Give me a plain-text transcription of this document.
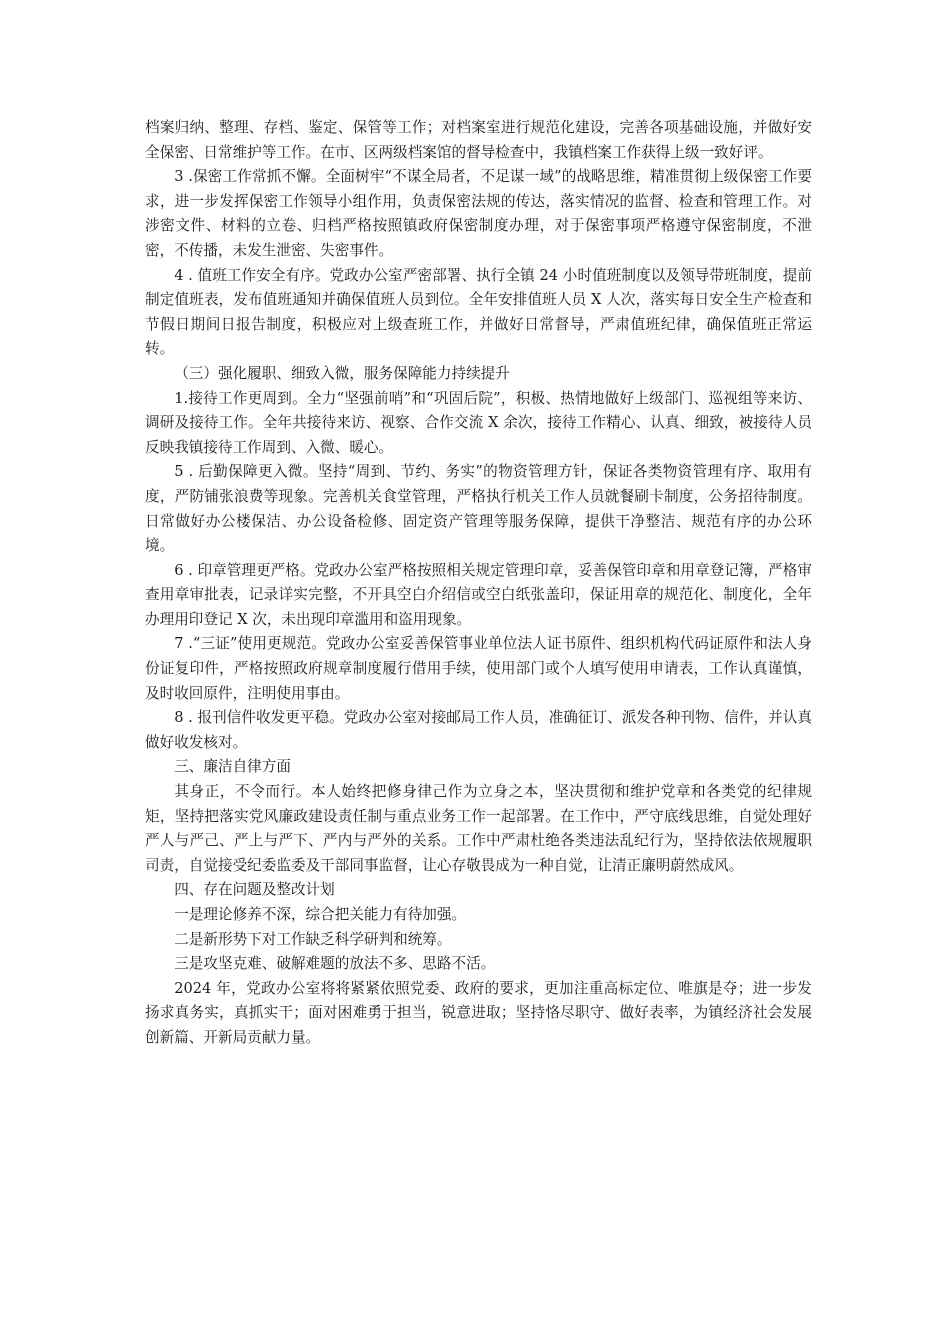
档案归纳、整理、存档、鉴定、保管等工作；对档案室进行规范化建设，完善各项基础设施，并做好安全保密、日常维护等工作。在市、区两级档案馆的督导检查中，我镇档案工作获得上级一致好评。

3 .保密工作常抓不懈。全面树牢“不谋全局者，不足谋一域”的战略思维，精准贯彻上级保密工作要求，进一步发挥保密工作领导小组作用，负责保密法规的传达，落实情况的监督、检查和管理工作。对涉密文件、材料的立卷、归档严格按照镇政府保密制度办理，对于保密事项严格遵守保密制度，不泄密，不传播，未发生泄密、失密事件。

4 . 值班工作安全有序。党政办公室严密部署、执行全镇 24 小时值班制度以及领导带班制度，提前制定值班表，发布值班通知并确保值班人员到位。全年安排值班人员 X 人次，落实每日安全生产检查和节假日期间日报告制度，积极应对上级查班工作，并做好日常督导，严肃值班纪律，确保值班正常运转。

（三）强化履职、细致入微，服务保障能力持续提升

1.接待工作更周到。全力“坚强前哨”和“巩固后院”，积极、热情地做好上级部门、巡视组等来访、调研及接待工作。全年共接待来访、视察、合作交流 X 余次，接待工作精心、认真、细致，被接待人员反映我镇接待工作周到、入微、暖心。

5 . 后勤保障更入微。坚持“周到、节约、务实”的物资管理方针，保证各类物资管理有序、取用有度，严防铺张浪费等现象。完善机关食堂管理，严格执行机关工作人员就餐刷卡制度，公务招待制度。日常做好办公楼保洁、办公设备检修、固定资产管理等服务保障，提供干净整洁、规范有序的办公环境。

6 . 印章管理更严格。党政办公室严格按照相关规定管理印章，妥善保管印章和用章登记簿，严格审查用章审批表，记录详实完整，不开具空白介绍信或空白纸张盖印，保证用章的规范化、制度化，全年办理用印登记 X 次，未出现印章滥用和盗用现象。

7 .“三证”使用更规范。党政办公室妥善保管事业单位法人证书原件、组织机构代码证原件和法人身份证复印件，严格按照政府规章制度履行借用手续，使用部门或个人填写使用申请表，工作认真谨慎，及时收回原件，注明使用事由。

8 . 报刊信件收发更平稳。党政办公室对接邮局工作人员，准确征订、派发各种刊物、信件，并认真做好收发核对。

三、廉洁自律方面

其身正，不令而行。本人始终把修身律己作为立身之本，坚决贯彻和维护党章和各类党的纪律规矩，坚持把落实党风廉政建设责任制与重点业务工作一起部署。在工作中，严守底线思维，自觉处理好严人与严己、严上与严下、严内与严外的关系。工作中严肃杜绝各类违法乱纪行为，坚持依法依规履职司责，自觉接受纪委监委及干部同事监督，让心存敬畏成为一种自觉，让清正廉明蔚然成风。

四、存在问题及整改计划

一是理论修养不深，综合把关能力有待加强。

二是新形势下对工作缺乏科学研判和统筹。

三是攻坚克难、破解难题的放法不多、思路不活。

2024 年，党政办公室将将紧紧依照党委、政府的要求，更加注重高标定位、唯旗是夺；进一步发扬求真务实，真抓实干；面对困难勇于担当，锐意进取；坚持恪尽职守、做好表率，为镇经济社会发展创新篇、开新局贡献力量。
